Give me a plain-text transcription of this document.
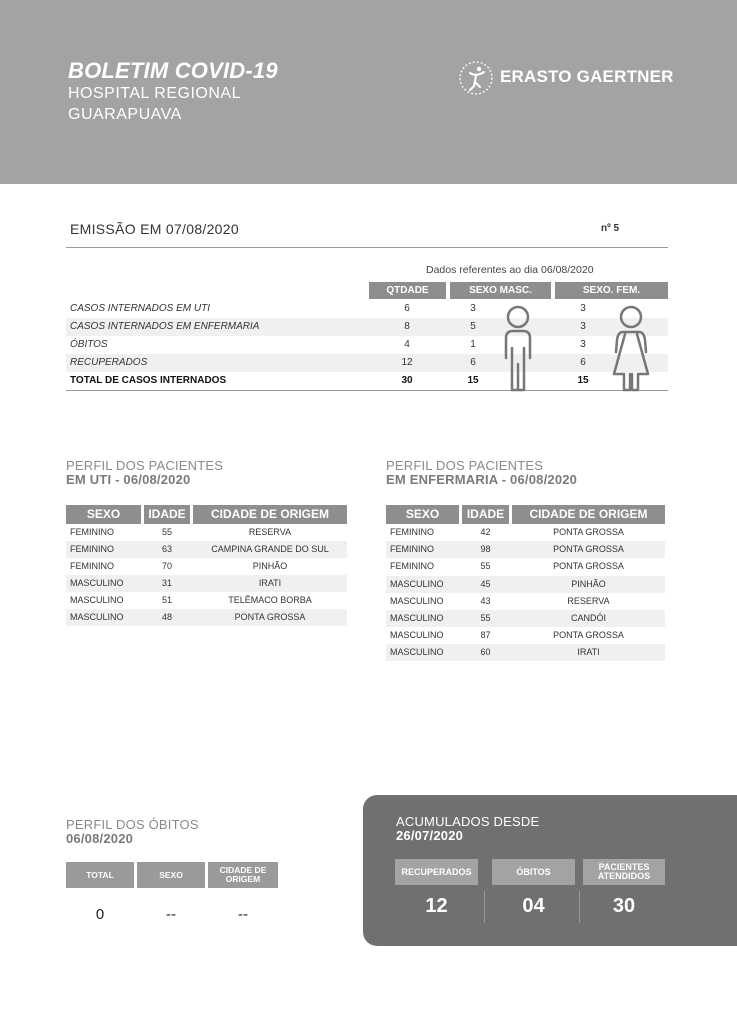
BOLETIM COVID-19
HOSPITAL REGIONAL
GUARAPUAVA
ERASTO GAERTNER
EMISSÃO EM 07/08/2020	nº 5
Dados referentes ao dia 06/08/2020
QTDADE	SEXO MASC.	SEXO. FEM.
CASOS INTERNADOS EM UTI	6	3	3
CASOS INTERNADOS EM ENFERMARIA	8	5	3
ÓBITOS	4	1	3
RECUPERADOS	12	6	6
TOTAL DE CASOS INTERNADOS	30	15	15
PERFIL DOS PACIENTES
EM UTI - 06/08/2020
SEXO	IDADE	CIDADE DE ORIGEM
FEMININO	55	RESERVA
FEMININO	63	CAMPINA GRANDE DO SUL
FEMININO	70	PINHÃO
MASCULINO	31	IRATI
MASCULINO	51	TELÊMACO BORBA
MASCULINO	48	PONTA GROSSA
PERFIL DOS PACIENTES
EM ENFERMARIA - 06/08/2020
SEXO	IDADE	CIDADE DE ORIGEM
FEMININO	42	PONTA GROSSA
FEMININO	98	PONTA GROSSA
FEMININO	55	PONTA GROSSA
MASCULINO	45	PINHÃO
MASCULINO	43	RESERVA
MASCULINO	55	CANDÓI
MASCULINO	87	PONTA GROSSA
MASCULINO	60	IRATI
PERFIL DOS ÓBITOS
06/08/2020
TOTAL	SEXO	CIDADE DE ORIGEM
0	--	--
ACUMULADOS DESDE
26/07/2020
RECUPERADOS	ÓBITOS	PACIENTES ATENDIDOS
12	04	30
